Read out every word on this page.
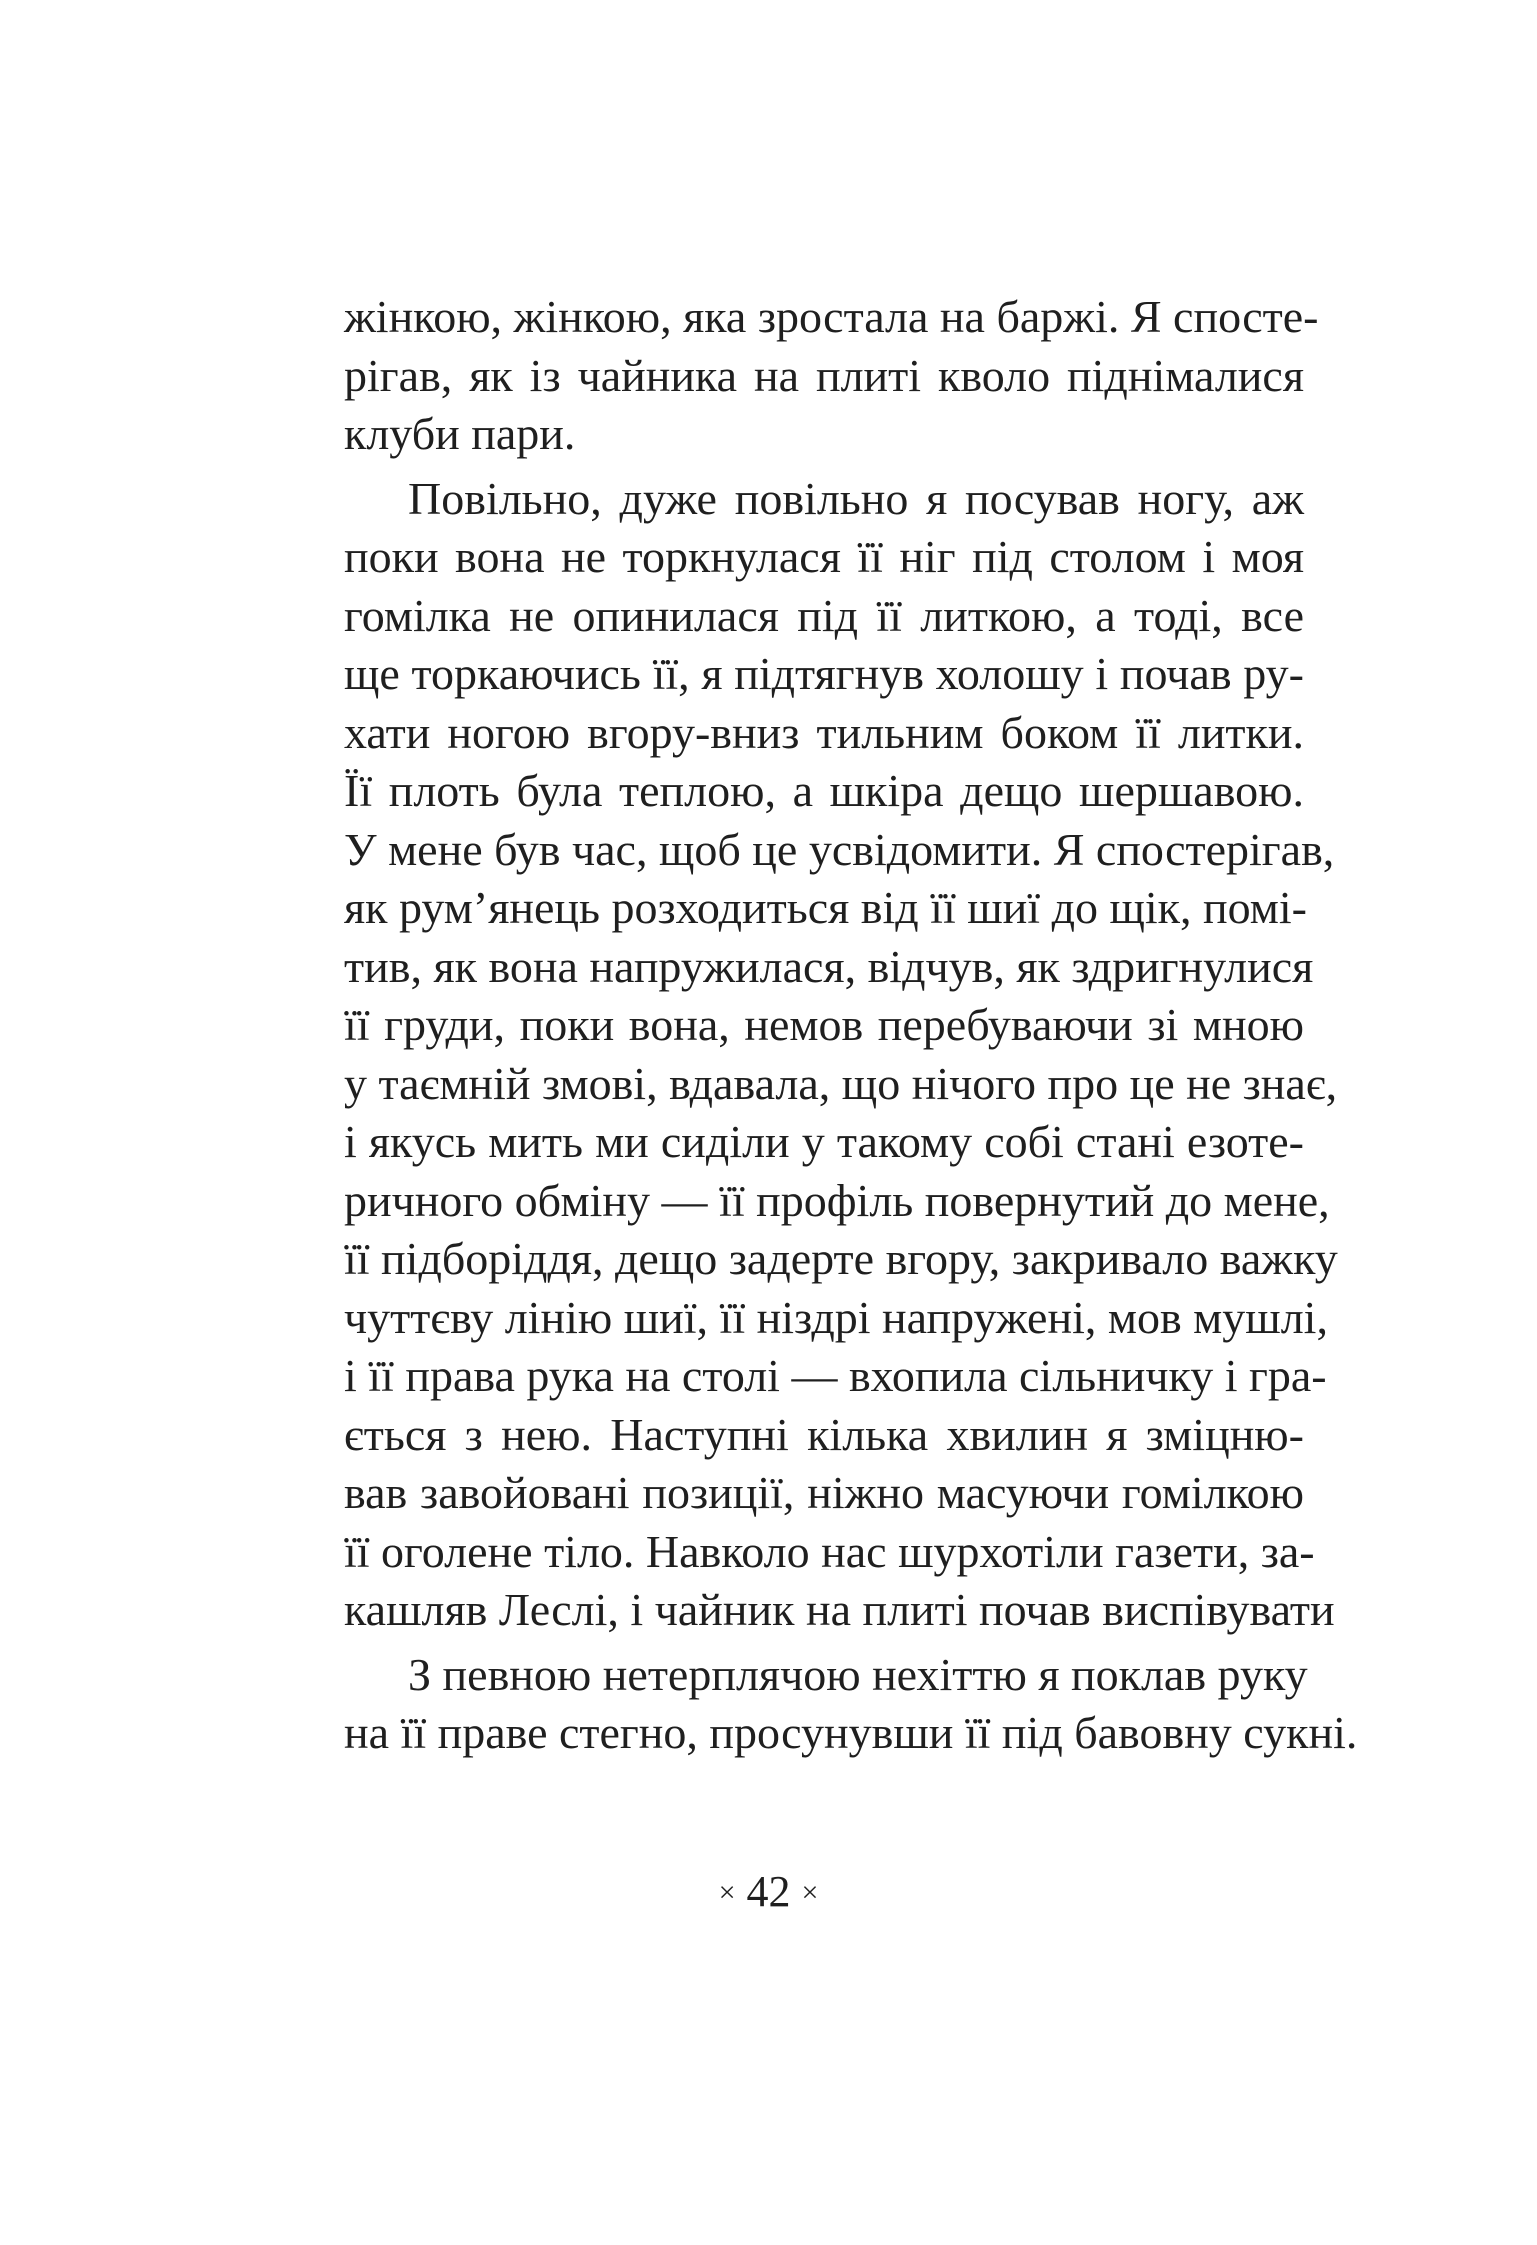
жінкою, жінкою, яка зростала на баржі. Я спосте-
рігав, як із чайника на плиті кволо піднімалися
клуби пари.
Повільно, дуже повільно я посував ногу, аж
поки вона не торкнулася її ніг під столом і моя
гомілка не опинилася під її литкою, а тоді, все
ще торкаючись її, я підтягнув холошу і почав ру-
хати ногою вгору-вниз тильним боком її литки.
Її плоть була теплою, а шкіра дещо шершавою.
У мене був час, щоб це усвідомити. Я спостерігав,
як рум’янець розходиться від її шиї до щік, помі-
тив, як вона напружилася, відчув, як здригнулися
її груди, поки вона, немов перебуваючи зі мною
у таємній змові, вдавала, що нічого про це не знає,
і якусь мить ми сиділи у такому собі стані езоте-
ричного обміну — її профіль повернутий до мене,
її підборіддя, дещо задерте вгору, закривало важку
чуттєву лінію шиї, її ніздрі напружені, мов мушлі,
і її права рука на столі — вхопила сільничку і гра-
ється з нею. Наступні кілька хвилин я зміцню-
вав завойовані позиції, ніжно масуючи гомілкою
її оголене тіло. Навколо нас шурхотіли газети, за-
кашляв Леслі, і чайник на плиті почав виспівувати
З певною нетерплячою нехіттю я поклав руку
на її праве стегно, просунувши її під бавовну сукні.
× 42 ×
